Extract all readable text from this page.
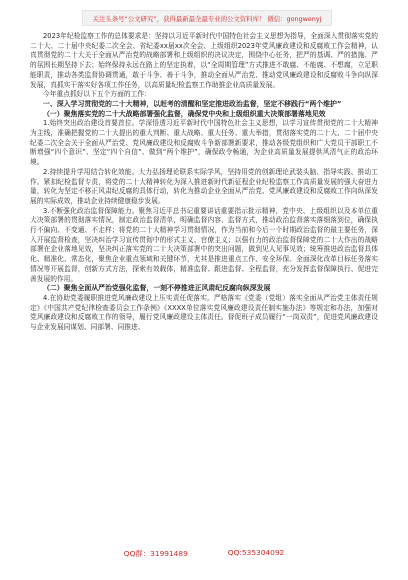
关注头条号“公文研究”，获得最新最全最专业的公文资料库！ 微信：gongwenyj

2023年纪检监察工作的总体要求是：坚持以习近平新时代中国特色社会主义思想为指导，全面深入贯彻落实党的二十大、二十届中央纪委二次全会、省纪委xx届xx次全会、上级组织2023年党风廉政建设和反腐败工作会精神，认真贯彻党的二十大关于全面从严治党的战略部署和上级组织的决议决定，围绕中心任务，把严的基调、严的措施、严的氛围长期坚持下去；始终保持永远在路上的坚定执着，以“全周期管理”方式推进不敢腐、不能腐、不想腐，立足职能职责，推动各类监督协调贯通，敢于斗争、善于斗争，推动全面从严治党、推动党风廉政建设和反腐败斗争向纵深发展，真抓实干落实好各项工作任务，以高质量纪检监察工作助推企业高质量发展。

今年重点抓好以下五个方面的工作：

一、深入学习贯彻党的二十大精神，以赶考的清醒和坚定推进政治监督，坚定不移践行“两个维护”

（一）聚焦落实党的二十大战略部署强化监督，确保党中央和上级组织重大决策部署落地见效

1.始终突出政治建设首要首位。学深悟透习近平新时代中国特色社会主义思想，以学习宣传贯彻党的二十大精神为主线，准确把握党的二十大提出的重大判断、重大战略、重大任务、重大举措，贯彻落实党的二十大、二十届中央纪委二次全会关于全面从严治党、党风廉政建设和反腐败斗争新部署新要求，推动各级党组织和广大党员干部职工不断增强“四个意识”、坚定“四个自信”、做到“两个维护”，确保政令畅通，为企业高质量发展提供风清气正的政治环境。

2.持续提升学用结合转化效能。大力弘扬理论联系实际学风，坚持用党的创新理论武装头脑、指导实践、推动工作。紧扣纪检监督专责，将党的二十大精神转化为深入推进新时代新征程企业纪检监察工作高质量发展的强大奋进力量，转化为坚定不移正风肃纪反腐的具体行动，转化为推动企业全面从严治党、党风廉政建设和反腐败工作向纵深发展的实际成效，推动企业持续健康稳步发展。

3.不断强化政治监督保障能力。聚焦习近平总书记重要讲话重要指示批示精神、党中央、上级组织以及本单位重大决策部署的贯彻落实情况，制定政治监督清单，明确监督内容、监督方式，推动政治监督落实落细落到位，确保执行不偏向、不变通、不走样；将党的二十大精神学习贯彻情况，作为当前和今后一个时期政治监督的最主要任务，深入开展监督检查，坚决纠治学习宣传贯彻中的形式主义、官僚主义；以强有力的政治监督保障党的二十大作出的战略部署在企业落地见效，坚决纠正落实党的二十大决策部署中的突出问题，做到见人见事见效；统筹推进政治监督具体化、精准化、常态化，聚焦企业重点领域和关键环节，尤其是推进重点工作、安全环保、全面深化改革目标任务落实情况等开展监督，创新方式方法，探索有效载体，精准监督、跟进监督、全程监督，充分发挥监督保障执行、促进完善发展的作用。

（二）聚焦全面从严治党强化监督，一刻不停推进正风肃纪反腐向纵深发展

4.在协助党委履职推进党风廉政建设上压实责任促落实。严格落实《党委（党组）落实全面从严治党主体责任规定》《中国共产党纪律检查委员会工作条例》《XXXX单位落实党风廉政建设责任制实施办法》等规定和办法，加强对党风廉政建设和反腐败工作的领导，履行党风廉政建设主体责任。督促班子成员履行“一岗双责”，促进党风廉政建设与企业发展同谋划、同部署、同推进、

QQ群：31991489	QQ:535304092
